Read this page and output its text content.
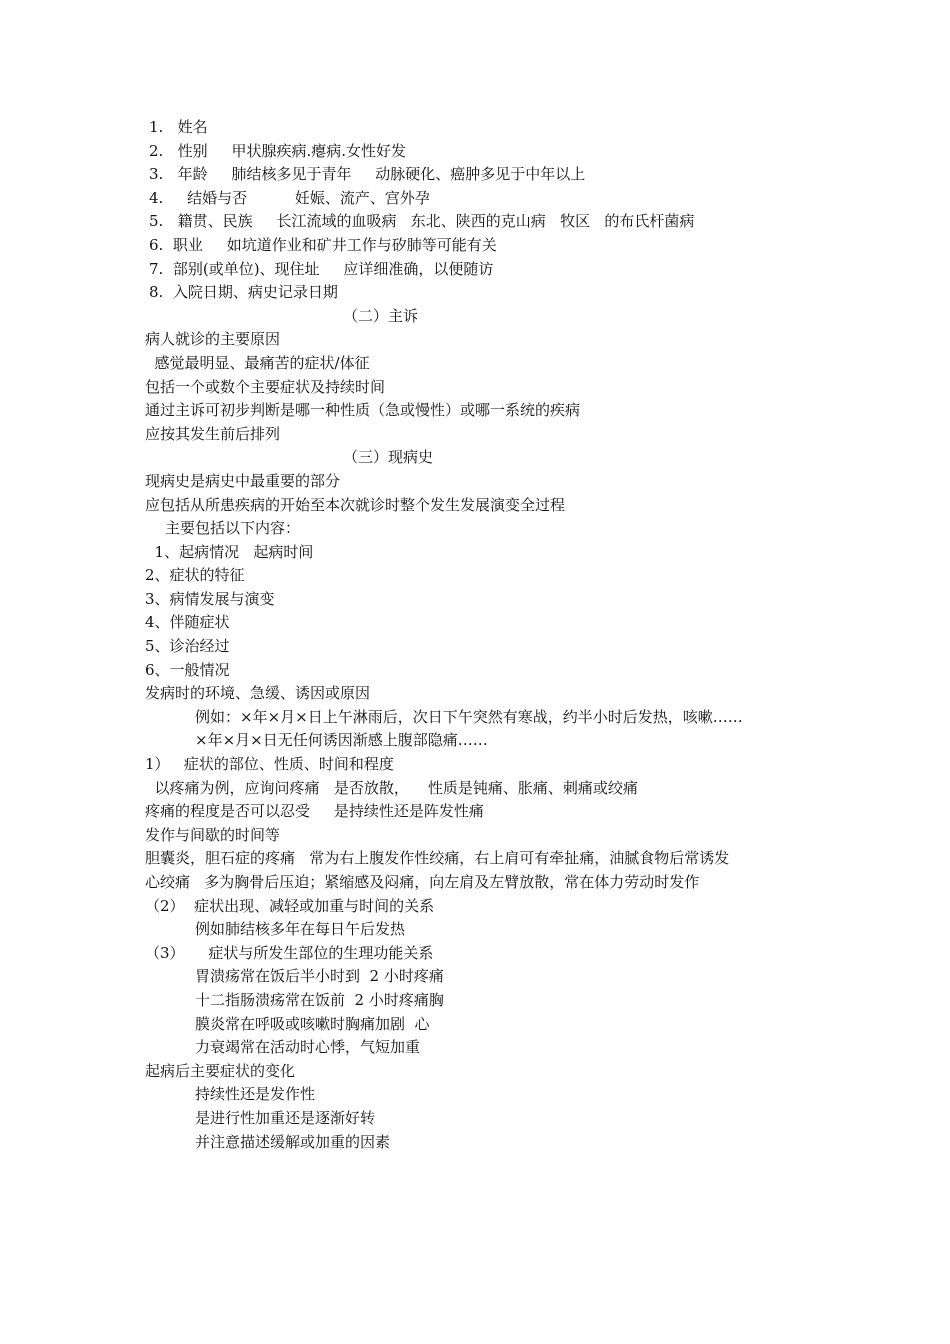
1.   姓名
2.   性别     甲状腺疾病.瘪病.女性好发
3.   年龄     肺结核多见于青年     动脉硬化、癌肿多见于中年以上
4.     结婚与否          妊娠、流产、宫外孕
5.   籍贯、民族     长江流域的血吸病   东北、陕西的克山病   牧区   的布氏杆菌病
6.  职业     如坑道作业和矿井工作与矽肺等可能有关
7.  部别(或单位)、现住址     应详细准确，以便随访
8.  入院日期、病史记录日期
（二）主诉
病人就诊的主要原因
感觉最明显、最痛苦的症状/体征
包括一个或数个主要症状及持续时间
通过主诉可初步判断是哪一种性质（急或慢性）或哪一系统的疾病
应按其发生前后排列
（三）现病史
现病史是病史中最重要的部分
应包括从所患疾病的开始至本次就诊时整个发生发展演变全过程
主要包括以下内容：
1、起病情况   起病时间
2、症状的特征
3、病情发展与演变
4、伴随症状
5、诊治经过
6、一般情况
发病时的环境、急缓、诱因或原因
例如：×年×月×日上午淋雨后，次日下午突然有寒战，约半小时后发热，咳嗽……
×年×月×日无任何诱因渐感上腹部隐痛……
1）   症状的部位、性质、时间和程度
以疼痛为例，应询问疼痛   是否放散，    性质是钝痛、胀痛、刺痛或绞痛
疼痛的程度是否可以忍受     是持续性还是阵发性痛
发作与间歇的时间等
胆囊炎，胆石症的疼痛   常为右上腹发作性绞痛，右上肩可有牵扯痛，油腻食物后常诱发
心绞痛   多为胸骨后压迫；紧缩感及闷痛，向左肩及左臂放散，常在体力劳动时发作
（2）  症状出现、减轻或加重与时间的关系
例如肺结核多年在每日午后发热
（3）     症状与所发生部位的生理功能关系
胃溃疡常在饭后半小时到  2 小时疼痛
十二指肠溃疡常在饭前  2 小时疼痛胸
膜炎常在呼吸或咳嗽时胸痛加剧  心
力衰竭常在活动时心悸，气短加重
起病后主要症状的变化
持续性还是发作性
是进行性加重还是逐渐好转
并注意描述缓解或加重的因素
